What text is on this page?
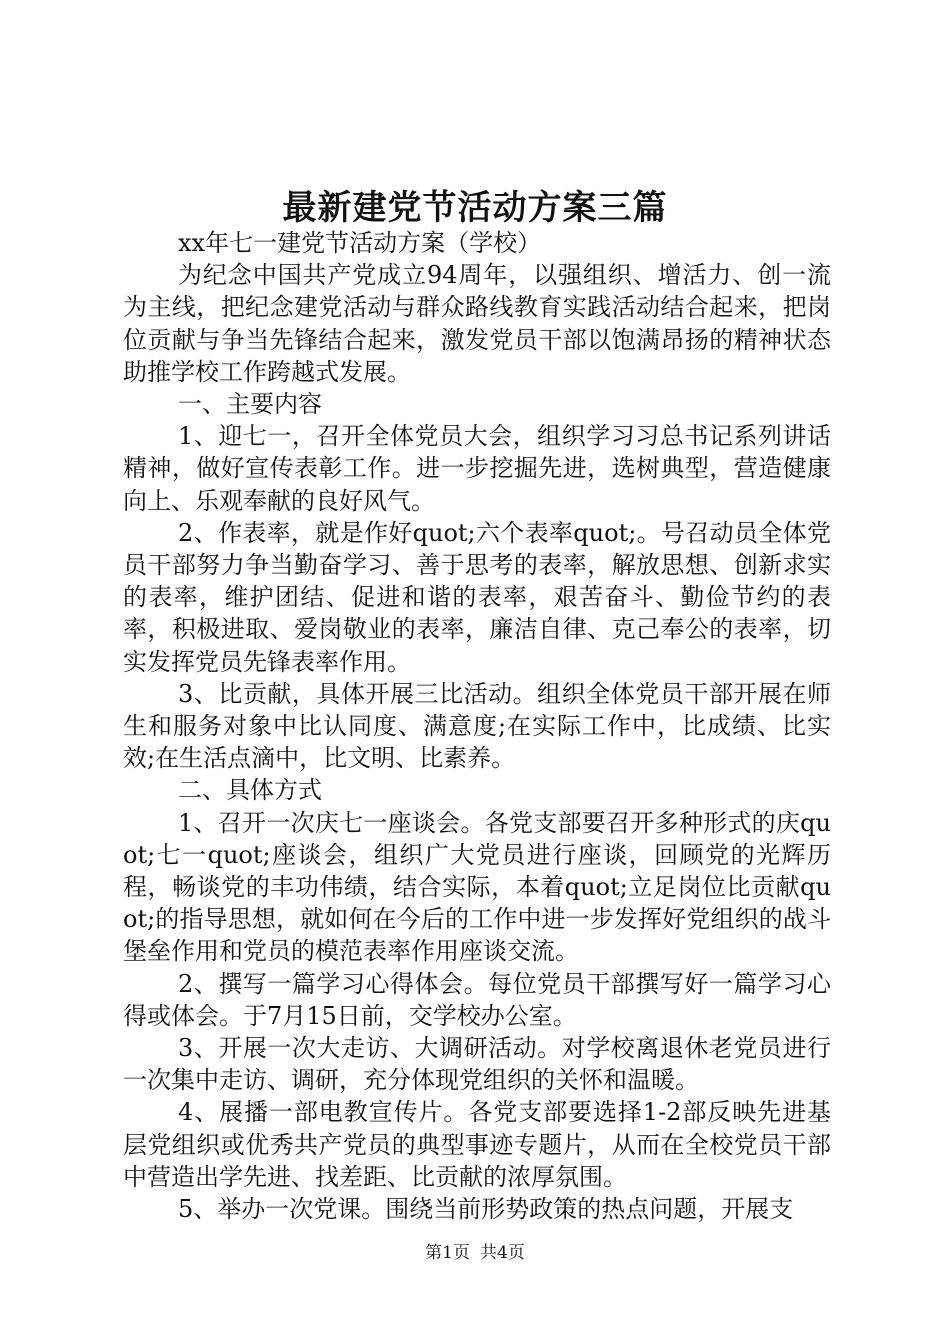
最新建党节活动方案三篇

xx年七一建党节活动方案（学校）

为纪念中国共产党成立94周年，以强组织、增活力、创一流为主线，把纪念建党活动与群众路线教育实践活动结合起来，把岗位贡献与争当先锋结合起来，激发党员干部以饱满昂扬的精神状态助推学校工作跨越式发展。

一、主要内容

1、迎七一，召开全体党员大会，组织学习习总书记系列讲话精神，做好宣传表彰工作。进一步挖掘先进，选树典型，营造健康向上、乐观奉献的良好风气。

2、作表率，就是作好quot;六个表率quot;。号召动员全体党员干部努力争当勤奋学习、善于思考的表率，解放思想、创新求实的表率，维护团结、促进和谐的表率，艰苦奋斗、勤俭节约的表率，积极进取、爱岗敬业的表率，廉洁自律、克己奉公的表率，切实发挥党员先锋表率作用。

3、比贡献，具体开展三比活动。组织全体党员干部开展在师生和服务对象中比认同度、满意度;在实际工作中，比成绩、比实效;在生活点滴中，比文明、比素养。

二、具体方式

1、召开一次庆七一座谈会。各党支部要召开多种形式的庆quot;七一quot;座谈会，组织广大党员进行座谈，回顾党的光辉历程，畅谈党的丰功伟绩，结合实际，本着quot;立足岗位比贡献quot;的指导思想，就如何在今后的工作中进一步发挥好党组织的战斗堡垒作用和党员的模范表率作用座谈交流。

2、撰写一篇学习心得体会。每位党员干部撰写好一篇学习心得或体会。于7月15日前，交学校办公室。

3、开展一次大走访、大调研活动。对学校离退休老党员进行一次集中走访、调研，充分体现党组织的关怀和温暖。

4、展播一部电教宣传片。各党支部要选择1-2部反映先进基层党组织或优秀共产党员的典型事迹专题片，从而在全校党员干部中营造出学先进、找差距、比贡献的浓厚氛围。

5、举办一次党课。围绕当前形势政策的热点问题，开展支

第1页 共4页
